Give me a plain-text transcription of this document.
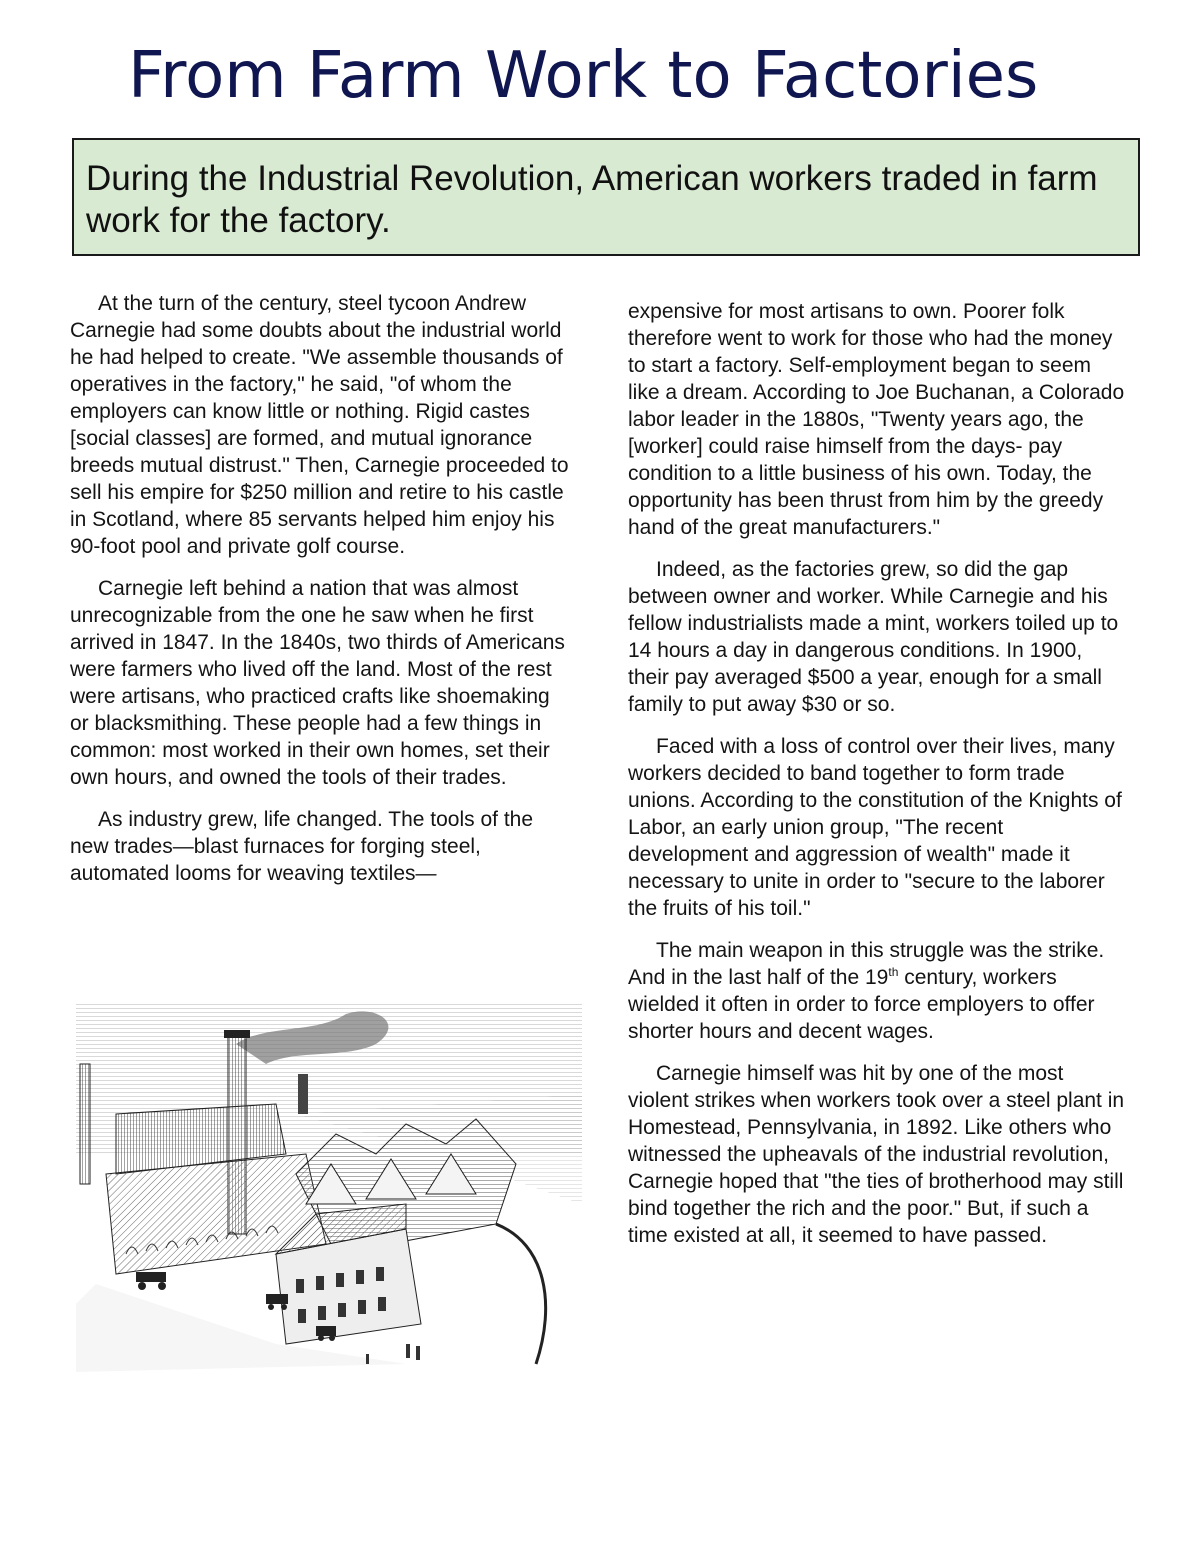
From Farm Work to Factories

During the Industrial Revolution, American workers traded in farm work for the factory.

At the turn of the century, steel tycoon Andrew Carnegie had some doubts about the industrial world he had helped to create. "We assemble thousands of operatives in the factory," he said, "of whom the employers can know little or nothing. Rigid castes [social classes] are formed, and mutual ignorance breeds mutual distrust." Then, Carnegie proceeded to sell his empire for $250 million and retire to his castle in Scotland, where 85 servants helped him enjoy his 90-foot pool and private golf course.

Carnegie left behind a nation that was almost unrecognizable from the one he saw when he first arrived in 1847. In the 1840s, two thirds of Americans were farmers who lived off the land. Most of the rest were artisans, who practiced crafts like shoemaking or blacksmithing. These people had a few things in common: most worked in their own homes, set their own hours, and owned the tools of their trades.

As industry grew, life changed. The tools of the new trades—blast furnaces for forging steel, automated looms for weaving textiles—

expensive for most artisans to own. Poorer folk therefore went to work for those who had the money to start a factory. Self-employment began to seem like a dream. According to Joe Buchanan, a Colorado labor leader in the 1880s, "Twenty years ago, the [worker] could raise himself from the days- pay condition to a little business of his own. Today, the opportunity has been thrust from him by the greedy hand of the great manufacturers."

Indeed, as the factories grew, so did the gap between owner and worker. While Carnegie and his fellow industrialists made a mint, workers toiled up to 14 hours a day in dangerous conditions. In 1900, their pay averaged $500 a year, enough for a small family to put away $30 or so.

Faced with a loss of control over their lives, many workers decided to band together to form trade unions. According to the constitution of the Knights of Labor, an early union group, "The recent development and aggression of wealth" made it necessary to unite in order to "secure to the laborer the fruits of his toil."

The main weapon in this struggle was the strike. And in the last half of the 19th century, workers wielded it often in order to force employers to offer shorter hours and decent wages.

Carnegie himself was hit by one of the most violent strikes when workers took over a steel plant in Homestead, Pennsylvania, in 1892. Like others who witnessed the upheavals of the industrial revolution, Carnegie hoped that "the ties of brotherhood may still bind together the rich and the poor." But, if such a time existed at all, it seemed to have passed.
